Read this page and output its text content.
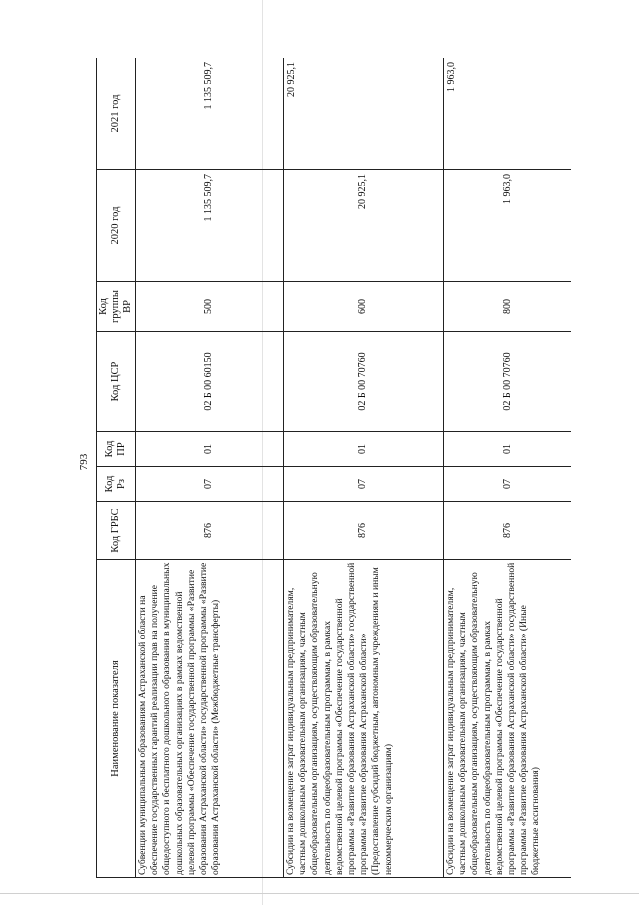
793
Наименование показателя	Код ГРБС	Код Рз	Код ПР	Код ЦСР	Код группы ВР	2020 год	2021 год
Субвенции муниципальным образованиям Астраханской области на обеспечение государственных гарантий реализации прав на получение общедоступного и бесплатного дошкольного образования в муниципальных дошкольных образовательных организациях в рамках ведомственной целевой программы «Обеспечение государственной программы «Развитие образования Астраханской области» государственной программы «Развитие образования Астраханской области» (Межбюджетные трансферты)	876	07	01	02 Б 00 60150	500	1 135 509,7	1 135 509,7
Субсидии на возмещение затрат индивидуальным предпринимателям, частным дошкольным образовательным организациям, частным общеобразовательным организациям, осуществляющим образовательную деятельность по общеобразовательным программам, в рамках ведомственной целевой программы «Обеспечение государственной программы «Развитие образования Астраханской области» государственной программы «Развитие образования Астраханской области» (Предоставление субсидий бюджетным, автономным учреждениям и иным некоммерческим организациям)	876	07	01	02 Б 00 70760	600	20 925,1	20 925,1
Субсидии на возмещение затрат индивидуальным предпринимателям, частным дошкольным образовательным организациям, частным общеобразовательным организациям, осуществляющим образовательную деятельность по общеобразовательным программам, в рамках ведомственной целевой программы «Обеспечение государственной программы «Развитие образования Астраханской области» государственной программы «Развитие образования Астраханской области» (Иные бюджетные ассигнования)	876	07	01	02 Б 00 70760	800	1 963,0	1 963,0
